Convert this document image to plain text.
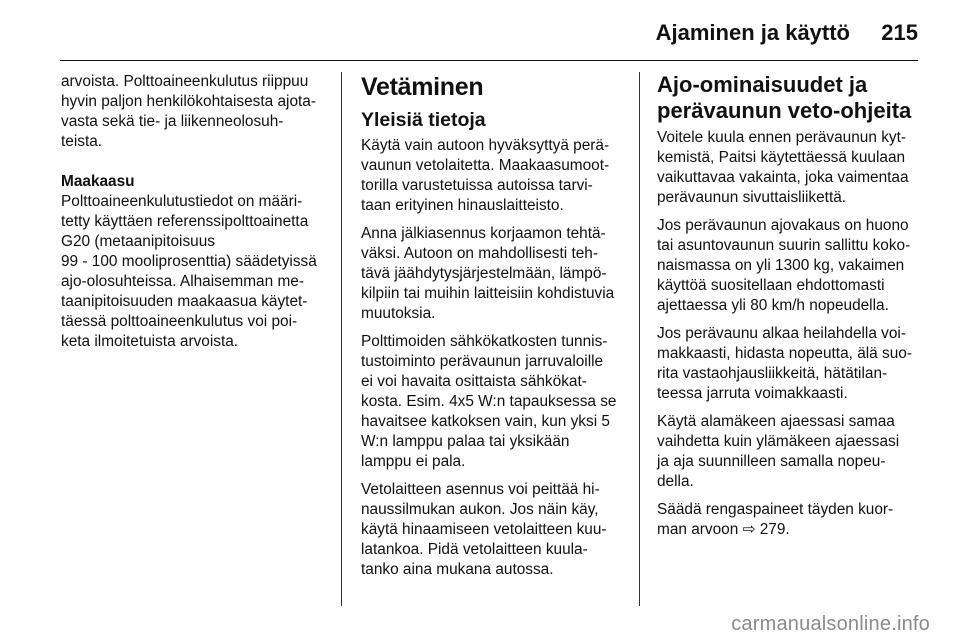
Ajaminen ja käyttö 215

arvoista. Polttoaineenkulutus riippuu
hyvin paljon henkilökohtaisesta ajota-
vasta sekä tie- ja liikenneolosuh-
teista.

Maakaasu

Polttoaineenkulutustiedot on määri-
tetty käyttäen referenssipolttoainetta
G20 (metaanipitoisuus
99 - 100 mooliprosenttia) säädetyissä
ajo-olosuhteissa. Alhaisemman me-
taanipitoisuuden maakaasua käytet-
täessä polttoaineenkulutus voi poi-
keta ilmoitetuista arvoista.

Vetäminen
Yleisiä tietoja

Käytä vain autoon hyväksyttyä perä-
vaunun vetolaitetta. Maakaasumoot-
torilla varustetuissa autoissa tarvi-
taan erityinen hinauslaitteisto.

Anna jälkiasennus korjaamon tehtä-
väksi. Autoon on mahdollisesti teh-
tävä jäähdytysjärjestelmään, lämpö-
kilpiin tai muihin laitteisiin kohdistuvia
muutoksia.

Polttimoiden sähkökatkosten tunnis-
tustoiminto perävaunun jarruvaloille
ei voi havaita osittaista sähkökat-
kosta. Esim. 4x5 W:n tapauksessa se
havaitsee katkoksen vain, kun yksi 5
W:n lamppu palaa tai yksikään
lamppu ei pala.

Vetolaitteen asennus voi peittää hi-
naussilmukan aukon. Jos näin käy,
käytä hinaamiseen vetolaitteen kuu-
latankoa. Pidä vetolaitteen kuula-
tanko aina mukana autossa.

Ajo-ominaisuudet ja
perävaunun veto-ohjeita

Voitele kuula ennen perävaunun kyt-
kemistä, Paitsi käytettäessä kuulaan
vaikuttavaa vakainta, joka vaimentaa
perävaunun sivuttaisliikettä.

Jos perävaunun ajovakaus on huono
tai asuntovaunun suurin sallittu koko-
naismassa on yli 1300 kg, vakaimen
käyttöä suositellaan ehdottomasti
ajettaessa yli 80 km/h nopeudella.

Jos perävaunu alkaa heilahdella voi-
makkaasti, hidasta nopeutta, älä suo-
rita vastaohjausliikkeitä, hätätilan-
teessa jarruta voimakkaasti.

Käytä alamäkeen ajaessasi samaa
vaihdetta kuin ylämäkeen ajaessasi
ja aja suunnilleen samalla nopeu-
della.

Säädä rengaspaineet täyden kuor-
man arvoon ⇨ 279.

carmanualsonline.info
